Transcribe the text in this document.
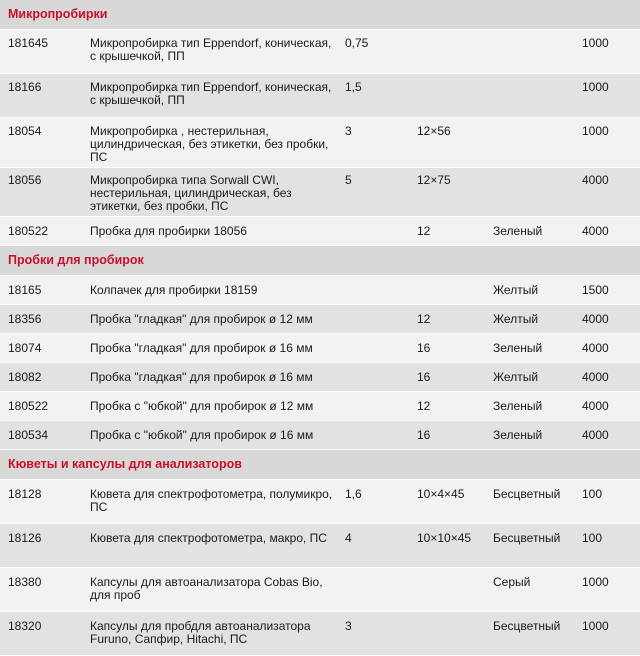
Микропробирки					
181645	Микропробирка тип Eppendorf, коническая, с крышечкой, ПП	0,75			1000
18166	Микропробирка тип Eppendorf, коническая, с крышечкой, ПП	1,5			1000
18054	Микропробирка , нестерильная, цилиндрическая, без этикетки, без пробки, ПС	3	12×56		1000
18056	Микропробирка типа Sorwall CWI, нестерильная, цилиндрическая, без этикетки, без пробки, ПС	5	12×75		4000
180522	Пробка для пробирки 18056		12	Зеленый	4000
Пробки для пробирок					
18165	Колпачек для пробирки 18159			Желтый	1500
18356	Пробка "гладкая" для пробирок ø 12 мм		12	Желтый	4000
18074	Пробка "гладкая" для пробирок ø 16 мм		16	Зеленый	4000
18082	Пробка "гладкая" для пробирок ø 16 мм		16	Желтый	4000
180522	Пробка с "юбкой" для пробирок ø 12 мм		12	Зеленый	4000
180534	Пробка с "юбкой" для пробирок ø 16 мм		16	Зеленый	4000
Кюветы и капсулы для анализаторов					
18128	Кювета для спектрофотометра, полумикро, ПС	1,6	10×4×45	Бесцветный	100
18126	Кювета для спектрофотометра, макро, ПС	4	10×10×45	Бесцветный	100
18380	Капсулы для автоанализатора Cobas Bio, для проб			Серый	1000
18320	Капсулы для пробдля автоанализатора Furuno, Сапфир, Hitachi, ПС	3		Бесцветный	1000
